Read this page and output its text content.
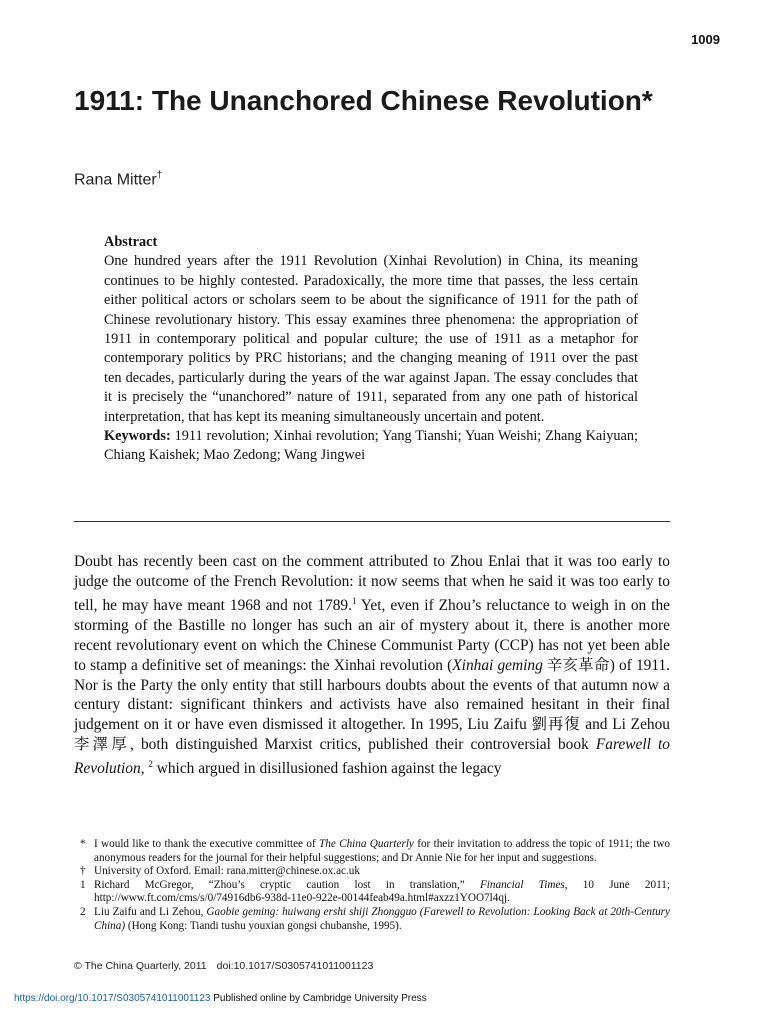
1009
1911: The Unanchored Chinese Revolution*
Rana Mitter†
Abstract
One hundred years after the 1911 Revolution (Xinhai Revolution) in China, its meaning continues to be highly contested. Paradoxically, the more time that passes, the less certain either political actors or scholars seem to be about the significance of 1911 for the path of Chinese revolutionary history. This essay examines three phenomena: the appropriation of 1911 in contemporary political and popular culture; the use of 1911 as a metaphor for contemporary politics by PRC historians; and the changing meaning of 1911 over the past ten decades, particularly during the years of the war against Japan. The essay concludes that it is precisely the “unanchored” nature of 1911, separated from any one path of historical interpretation, that has kept its meaning simultaneously uncertain and potent.
Keywords: 1911 revolution; Xinhai revolution; Yang Tianshi; Yuan Weishi; Zhang Kaiyuan; Chiang Kaishek; Mao Zedong; Wang Jingwei

Doubt has recently been cast on the comment attributed to Zhou Enlai that it was too early to judge the outcome of the French Revolution: it now seems that when he said it was too early to tell, he may have meant 1968 and not 1789.$^1$ Yet, even if Zhou’s reluctance to weigh in on the storming of the Bastille no longer has such an air of mystery about it, there is another more recent revolutionary event on which the Chinese Communist Party (CCP) has not yet been able to stamp a definitive set of meanings: the Xinhai revolution (Xinhai geming 辛亥革命) of 1911. Nor is the Party the only entity that still harbours doubts about the events of that autumn now a century distant: significant thinkers and activists have also remained hesitant in their final judgement on it or have even dismissed it altogether. In 1995, Liu Zaifu 劉再復 and Li Zehou 李澤厚, both distinguished Marxist critics, published their controversial book Farewell to Revolution, $^2$ which argued in disillusioned fashion against the legacy

* I would like to thank the executive committee of The China Quarterly for their invitation to address the topic of 1911; the two anonymous readers for the journal for their helpful suggestions; and Dr Annie Nie for her input and suggestions.
† University of Oxford. Email: rana.mitter@chinese.ox.ac.uk
1 Richard McGregor, “Zhou’s cryptic caution lost in translation,” Financial Times, 10 June 2011; http://www.ft.com/cms/s/0/74916db6-938d-11e0-922e-00144feab49a.html#axzz1YOO7l4qj.
2 Liu Zaifu and Li Zehou, Gaobie geming: huiwang ershi shiji Zhongguo (Farewell to Revolution: Looking Back at 20th-Century China) (Hong Kong: Tiandi tushu youxian gongsi chubanshe, 1995).
© The China Quarterly, 2011 doi:10.1017/S0305741011001123
https://doi.org/10.1017/S0305741011001123 Published online by Cambridge University Press
